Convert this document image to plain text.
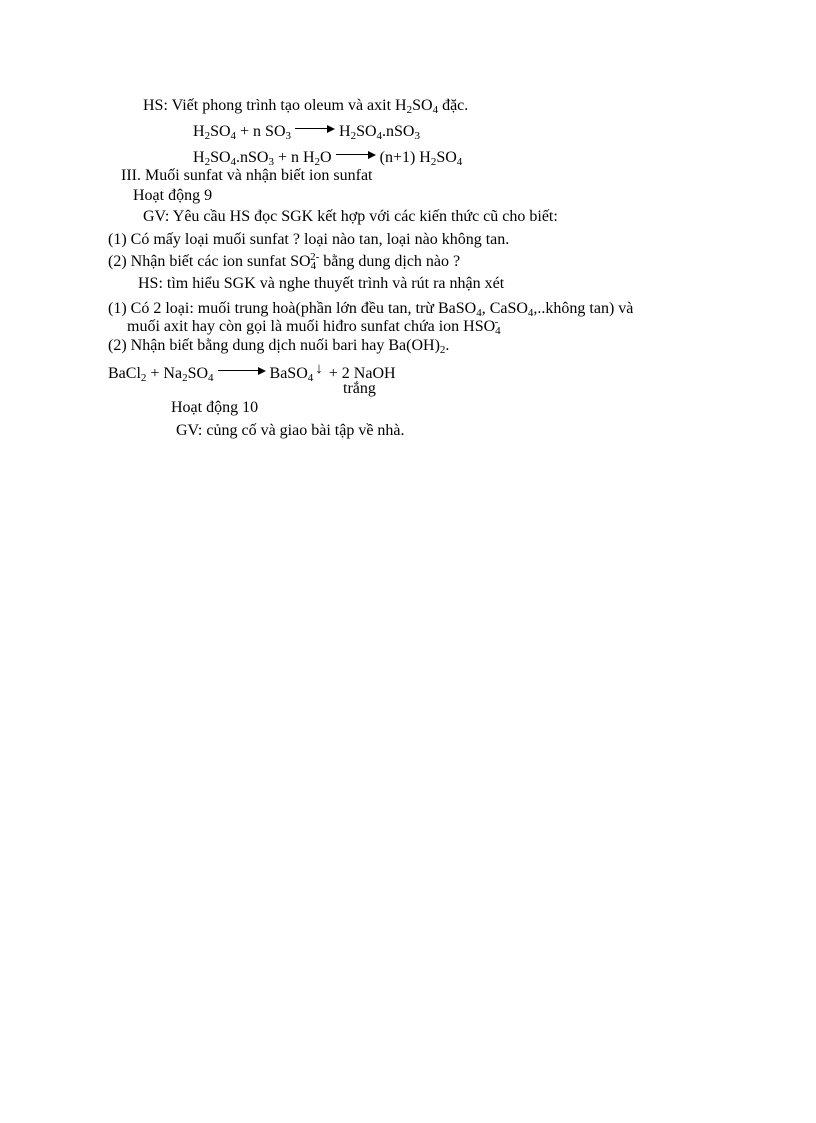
HS: Viết phong trình tạo oleum và axit $H_2SO_4$ đặc.
$H_2SO_4 + n$ $SO_3$	$H_2SO_4.nSO_3$
$H_2SO_4.nSO_3 + n$ $H_2O$	(n+1) $H_2SO_4$
III. Muối sunfat và nhận biết ion sunfat
Hoạt động 9
GV: Yêu cầu HS đọc SGK kết hợp với các kiến thức cũ cho biết:
(1) Có mấy loại muối sunfat ? loại nào tan, loại nào không tan.
(2) Nhận biết các ion sunfat $SO_4^{2-}$ bằng dung dịch nào ?
HS: tìm hiểu SGK và nghe thuyết trình và rút ra nhận xét
(1) Có 2 loại: muối trung hoà(phần lớn đều tan, trừ BaSO$_4$, CaSO$_4$,..không tan) và
muối axit hay còn gọi là muối hiđro sunfat chứa ion $HSO_4^-$
(2) Nhận biết bằng dung dịch nuối bari hay $Ba(OH)_2$.
BaCl$_2$ + $Na_2SO_4$	BaSO$_4$↓ + 2 NaOH
trắng
Hoạt động 10
GV: củng cố và giao bài tập về nhà.
